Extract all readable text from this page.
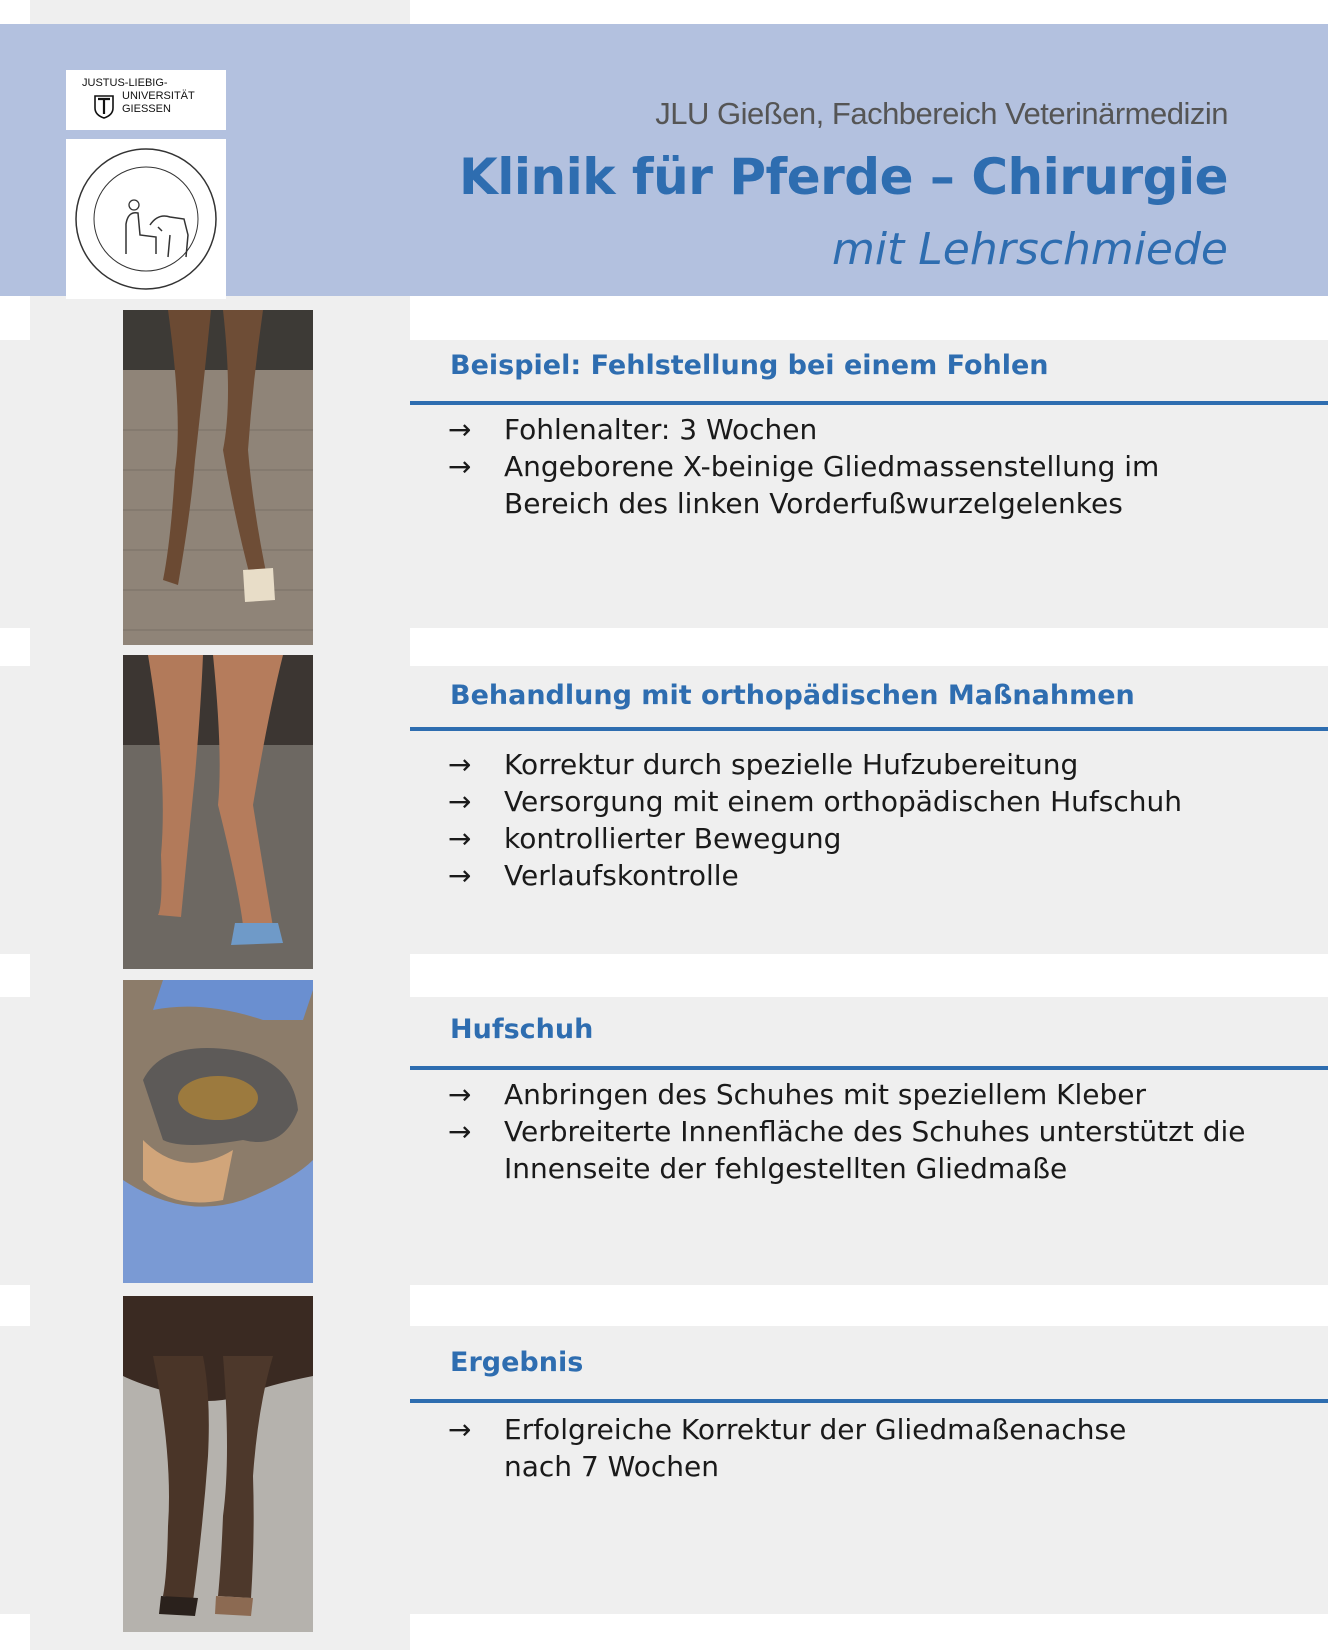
JUSTUS-LIEBIG-
UNIVERSITÄT
GIESSEN	JLU Gießen, Fachbereich Veterinärmedizin
Klinik für Pferde – Chirurgie
mit Lehrschmiede
Beispiel: Fehlstellung bei einem Fohlen
→ Fohlenalter: 3 Wochen
→ Angeborene X-beinige Gliedmassenstellung im
Bereich des linken Vorderfußwurzelgelenkes
Behandlung mit orthopädischen Maßnahmen
→ Korrektur durch spezielle Hufzubereitung
→ Versorgung mit einem orthopädischen Hufschuh
→ kontrollierter Bewegung
→ Verlaufskontrolle
Hufschuh
→ Anbringen des Schuhes mit speziellem Kleber
→ Verbreiterte Innenfläche des Schuhes unterstützt die
Innenseite der fehlgestellten Gliedmaße
Ergebnis
→ Erfolgreiche Korrektur der Gliedmaßenachse
nach 7 Wochen
